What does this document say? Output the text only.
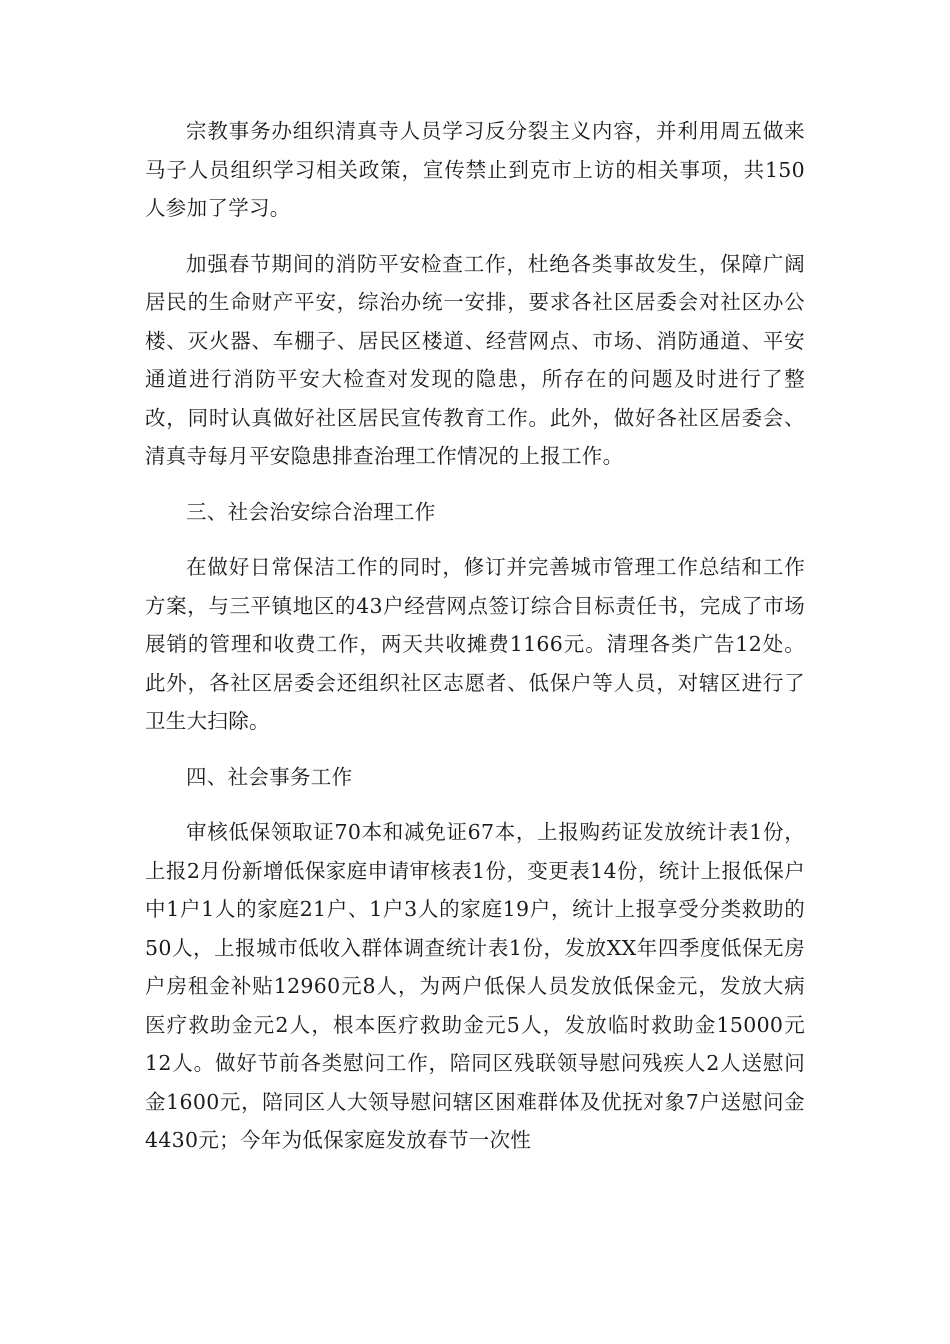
宗教事务办组织清真寺人员学习反分裂主义内容，并利用周五做来马子人员组织学习相关政策，宣传禁止到克市上访的相关事项，共150人参加了学习。

加强春节期间的消防平安检查工作，杜绝各类事故发生，保障广阔居民的生命财产平安，综治办统一安排，要求各社区居委会对社区办公楼、灭火器、车棚子、居民区楼道、经营网点、市场、消防通道、平安通道进行消防平安大检查对发现的隐患，所存在的问题及时进行了整改，同时认真做好社区居民宣传教育工作。此外，做好各社区居委会、清真寺每月平安隐患排查治理工作情况的上报工作。

三、社会治安综合治理工作

在做好日常保洁工作的同时，修订并完善城市管理工作总结和工作方案，与三平镇地区的43户经营网点签订综合目标责任书，完成了市场展销的管理和收费工作，两天共收摊费1166元。清理各类广告12处。此外，各社区居委会还组织社区志愿者、低保户等人员，对辖区进行了卫生大扫除。

四、社会事务工作

审核低保领取证70本和减免证67本，上报购药证发放统计表1份，上报2月份新增低保家庭申请审核表1份，变更表14份，统计上报低保户中1户1人的家庭21户、1户3人的家庭19户，统计上报享受分类救助的50人，上报城市低收入群体调查统计表1份，发放XX年四季度低保无房户房租金补贴12960元8人，为两户低保人员发放低保金元，发放大病医疗救助金元2人，根本医疗救助金元5人，发放临时救助金15000元12人。做好节前各类慰问工作，陪同区残联领导慰问残疾人2人送慰问金1600元，陪同区人大领导慰问辖区困难群体及优抚对象7户送慰问金4430元；今年为低保家庭发放春节一次性
